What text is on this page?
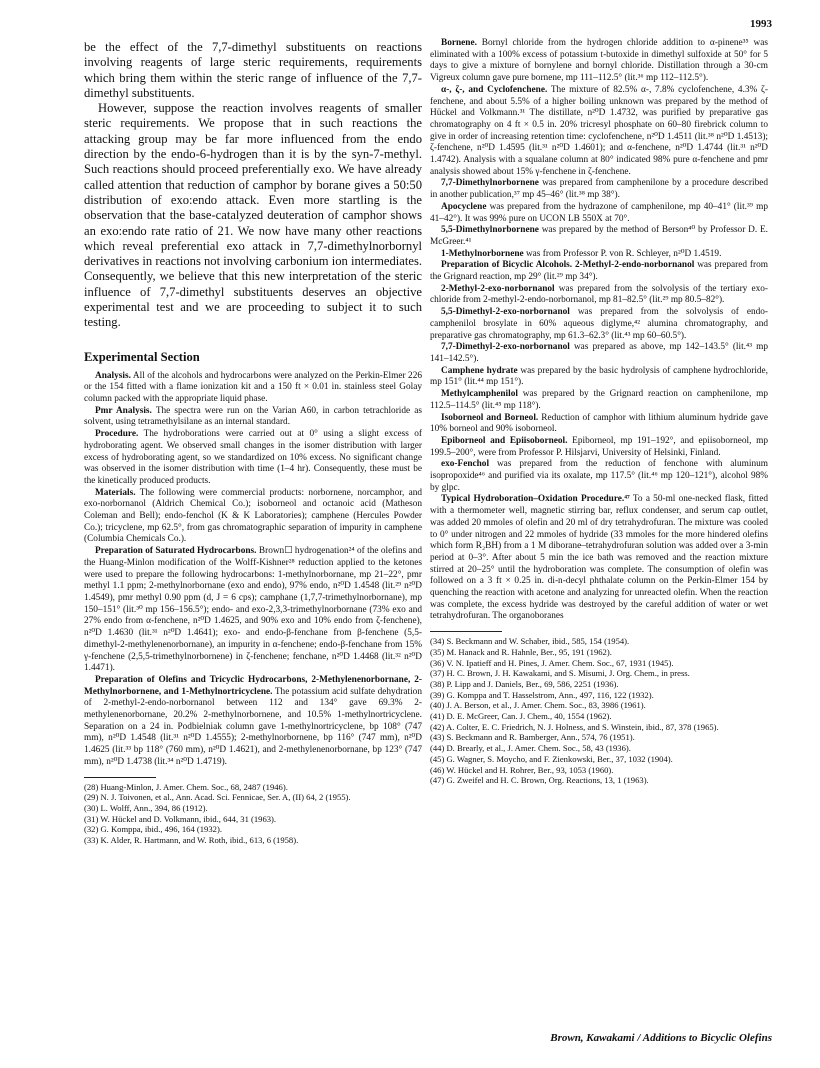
1993

be the effect of the 7,7-dimethyl substituents on reactions involving reagents of large steric requirements, requirements which bring them within the steric range of influence of the 7,7-dimethyl substituents.

However, suppose the reaction involves reagents of smaller steric requirements. We propose that in such reactions the attacking group may be far more influenced from the endo direction by the endo-6-hydrogen than it is by the syn-7-methyl. Such reactions should proceed preferentially exo. We have already called attention that reduction of camphor by borane gives a 50:50 distribution of exo:endo attack. Even more startling is the observation that the base-catalyzed deuteration of camphor shows an exo:endo rate ratio of 21. We now have many other reactions which reveal preferential exo attack in 7,7-dimethylnorbornyl derivatives in reactions not involving carbonium ion intermediates. Consequently, we believe that this new interpretation of the steric influence of 7,7-dimethyl substituents deserves an objective experimental test and we are proceeding to subject it to such testing.

Experimental Section

Analysis. All of the alcohols and hydrocarbons were analyzed on the Perkin-Elmer 226 or the 154 fitted with a flame ionization kit and a 150 ft × 0.01 in. stainless steel Golay column packed with the appropriate liquid phase.

Pmr Analysis. The spectra were run on the Varian A60, in carbon tetrachloride as solvent, using tetramethylsilane as an internal standard.

Procedure. The hydroborations were carried out at 0° using a slight excess of hydroborating agent. We observed small changes in the isomer distribution with larger excess of hydroborating agent, so we standardized on 10% excess. No significant change was observed in the isomer distribution with time (1–4 hr). Consequently, these must be the kinetically produced products.

Materials. The following were commercial products: norbornene, norcamphor, and exo-norbornanol (Aldrich Chemical Co.); isoborneol and octanoic acid (Matheson Coleman and Bell); endo-fenchol (K & K Laboratories); camphene (Hercules Powder Co.); tricyclene, mp 62.5°, from gas chromatographic separation of impurity in camphene (Columbia Chemicals Co.).

Preparation of Saturated Hydrocarbons. Brown☐ hydrogenation²⁴ of the olefins and the Huang-Minlon modification of the Wolff-Kishner²⁸ reduction applied to the ketones were used to prepare the following hydrocarbons: 1-methylnorbornane, mp 21–22°, pmr methyl 1.1 ppm; 2-methylnorbornane (exo and endo), 97% endo, n²⁰D 1.4548 (lit.²⁹ n²⁰D 1.4549), pmr methyl 0.90 ppm (d, J = 6 cps); camphane (1,7,7-trimethylnorbornane), mp 150–151° (lit.³⁰ mp 156–156.5°); endo- and exo-2,3,3-trimethylnorbornane (73% exo and 27% endo from α-fenchene, n²⁰D 1.4625, and 90% exo and 10% endo from ζ-fenchene), n²⁰D 1.4630 (lit.³¹ n²⁰D 1.4641); exo- and endo-β-fenchane from β-fenchene (5,5-dimethyl-2-methylenenorbornane), an impurity in α-fenchene; endo-β-fenchane from 15% γ-fenchene (2,5,5-trimethylnorbornene) in ζ-fenchene; fenchane, n²⁰D 1.4468 (lit.³² n²⁰D 1.4471).

Preparation of Olefins and Tricyclic Hydrocarbons, 2-Methylenenorbornane, 2-Methylnorbornene, and 1-Methylnortricyclene. The potassium acid sulfate dehydration of 2-methyl-2-endo-norbornanol between 112 and 134° gave 69.3% 2-methylenenorbornane, 20.2% 2-methylnorbornene, and 10.5% 1-methylnortricyclene. Separation on a 24 in. Podbielniak column gave 1-methylnortricyclene, bp 108° (747 mm), n²⁰D 1.4548 (lit.³¹ n²⁰D 1.4555); 2-methylnorbornene, bp 116° (747 mm), n²⁰D 1.4625 (lit.³³ bp 118° (760 mm), n²⁰D 1.4621), and 2-methylenenorbornane, bp 123° (747 mm), n²⁰D 1.4738 (lit.³⁴ n²⁰D 1.4719).

(28) Huang-Minlon, J. Amer. Chem. Soc., 68, 2487 (1946).
(29) N. J. Toivonen, et al., Ann. Acad. Sci. Fennicae, Ser. A, (II) 64, 2 (1955).
(30) L. Wolff, Ann., 394, 86 (1912).
(31) W. Hückel and D. Volkmann, ibid., 644, 31 (1963).
(32) G. Komppa, ibid., 496, 164 (1932).
(33) K. Alder, R. Hartmann, and W. Roth, ibid., 613, 6 (1958).

Bornene. Bornyl chloride from the hydrogen chloride addition to α-pinene³⁵ was eliminated with a 100% excess of potassium t-butoxide in dimethyl sulfoxide at 50° for 5 days to give a mixture of bornylene and bornyl chloride. Distillation through a 30-cm Vigreux column gave pure bornene, mp 111–112.5° (lit.³⁶ mp 112–112.5°).

α-, ζ-, and Cyclofenchene. The mixture of 82.5% α-, 7.8% cyclofenchene, 4.3% ζ-fenchene, and about 5.5% of a higher boiling unknown was prepared by the method of Hückel and Volkmann.³¹ The distillate, n²⁰D 1.4732, was purified by preparative gas chromatography on 4 ft × 0.5 in. 20% tricresyl phosphate on 60–80 firebrick column to give in order of increasing retention time: cyclofenchene, n²⁰D 1.4511 (lit.³⁸ n²⁰D 1.4513); ζ-fenchene, n²⁰D 1.4595 (lit.³¹ n²⁰D 1.4601); and α-fenchene, n²⁰D 1.4744 (lit.³¹ n²⁰D 1.4742). Analysis with a squalane column at 80° indicated 98% pure α-fenchene and pmr analysis showed about 15% γ-fenchene in ζ-fenchene.

7,7-Dimethylnorbornene was prepared from camphenilone by a procedure described in another publication,³⁷ mp 45–46° (lit.³⁸ mp 38°).

Apocyclene was prepared from the hydrazone of camphenilone, mp 40–41° (lit.³⁹ mp 41–42°). It was 99% pure on UCON LB 550X at 70°.

5,5-Dimethylnorbornene was prepared by the method of Berson⁴⁰ by Professor D. E. McGreer.⁴¹

1-Methylnorbornene was from Professor P. von R. Schleyer, n²⁰D 1.4519.

Preparation of Bicyclic Alcohols. 2-Methyl-2-endo-norbornanol was prepared from the Grignard reaction, mp 29° (lit.²⁹ mp 34°).

2-Methyl-2-exo-norbornanol was prepared from the solvolysis of the tertiary exo-chloride from 2-methyl-2-endo-norbornanol, mp 81–82.5° (lit.²⁹ mp 80.5–82°).

5,5-Dimethyl-2-exo-norbornanol was prepared from the solvolysis of endo-camphenilol brosylate in 60% aqueous diglyme,⁴² alumina chromatography, and preparative gas chromatography, mp 61.3–62.3° (lit.⁴³ mp 60–60.5°).

7,7-Dimethyl-2-exo-norbornanol was prepared as above, mp 142–143.5° (lit.⁴³ mp 141–142.5°).

Camphene hydrate was prepared by the basic hydrolysis of camphene hydrochloride, mp 151° (lit.⁴⁴ mp 151°).

Methylcamphenilol was prepared by the Grignard reaction on camphenilone, mp 112.5–114.5° (lit.⁴⁵ mp 118°).

Isoborneol and Borneol. Reduction of camphor with lithium aluminum hydride gave 10% borneol and 90% isoborneol.

Epiborneol and Epiisoborneol. Epiborneol, mp 191–192°, and epiisoborneol, mp 199.5–200°, were from Professor P. Hilsjarvi, University of Helsinki, Finland.

exo-Fenchol was prepared from the reduction of fenchone with aluminum isopropoxide⁴⁶ and purified via its oxalate, mp 117.5° (lit.⁴⁶ mp 120–121°), alcohol 98% by glpc.

Typical Hydroboration–Oxidation Procedure.⁴⁷ To a 50-ml one-necked flask, fitted with a thermometer well, magnetic stirring bar, reflux condenser, and serum cap outlet, was added 20 mmoles of olefin and 20 ml of dry tetrahydrofuran. The mixture was cooled to 0° under nitrogen and 22 mmoles of hydride (33 mmoles for the more hindered olefins which form R₂BH) from a 1 M diborane–tetrahydrofuran solution was added over a 3-min period at 0–3°. After about 5 min the ice bath was removed and the reaction mixture stirred at 20–25° until the hydroboration was complete. The consumption of olefin was followed on a 3 ft × 0.25 in. di-n-decyl phthalate column on the Perkin-Elmer 154 by quenching the reaction with acetone and analyzing for unreacted olefin. When the reaction was complete, the excess hydride was destroyed by the careful addition of water or wet tetrahydrofuran. The organoboranes

(34) S. Beckmann and W. Schaber, ibid., 585, 154 (1954).
(35) M. Hanack and R. Hahnle, Ber., 95, 191 (1962).
(36) V. N. Ipatieff and H. Pines, J. Amer. Chem. Soc., 67, 1931 (1945).
(37) H. C. Brown, J. H. Kawakami, and S. Misumi, J. Org. Chem., in press.
(38) P. Lipp and J. Daniels, Ber., 69, 586, 2251 (1936).
(39) G. Komppa and T. Hasselstrom, Ann., 497, 116, 122 (1932).
(40) J. A. Berson, et al., J. Amer. Chem. Soc., 83, 3986 (1961).
(41) D. E. McGreer, Can. J. Chem., 40, 1554 (1962).
(42) A. Colter, E. C. Friedrich, N. J. Holness, and S. Winstein, ibid., 87, 378 (1965).
(43) S. Beckmann and R. Bamberger, Ann., 574, 76 (1951).
(44) D. Brearly, et al., J. Amer. Chem. Soc., 58, 43 (1936).
(45) G. Wagner, S. Moycho, and F. Zienkowski, Ber., 37, 1032 (1904).
(46) W. Hückel and H. Rohrer, Ber., 93, 1053 (1960).
(47) G. Zweifel and H. C. Brown, Org. Reactions, 13, 1 (1963).
Brown, Kawakami / Additions to Bicyclic Olefins
